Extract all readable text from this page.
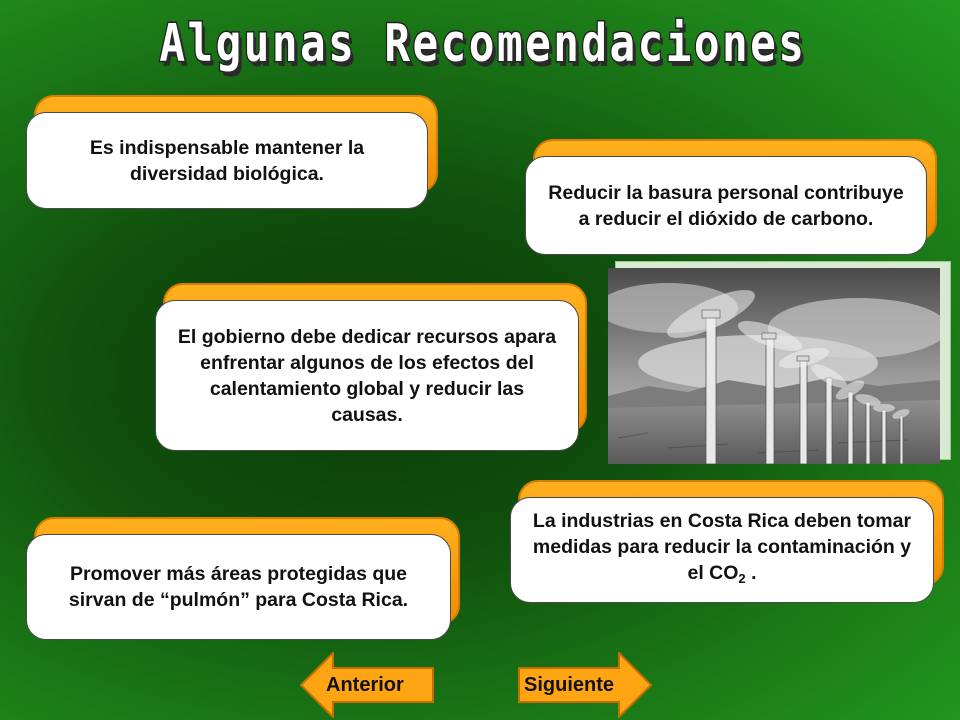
Algunas Recomendaciones
Es indispensable mantener la diversidad biológica.
Reducir la basura personal contribuye a reducir el dióxido de carbono.
El gobierno debe dedicar recursos apara enfrentar algunos de los efectos del calentamiento global y reducir las causas.
La industrias en Costa Rica deben tomar medidas para reducir la contaminación y el $CO_2$ .
Promover más áreas protegidas que sirvan de “pulmón” para Costa Rica.
Anterior	Siguiente
